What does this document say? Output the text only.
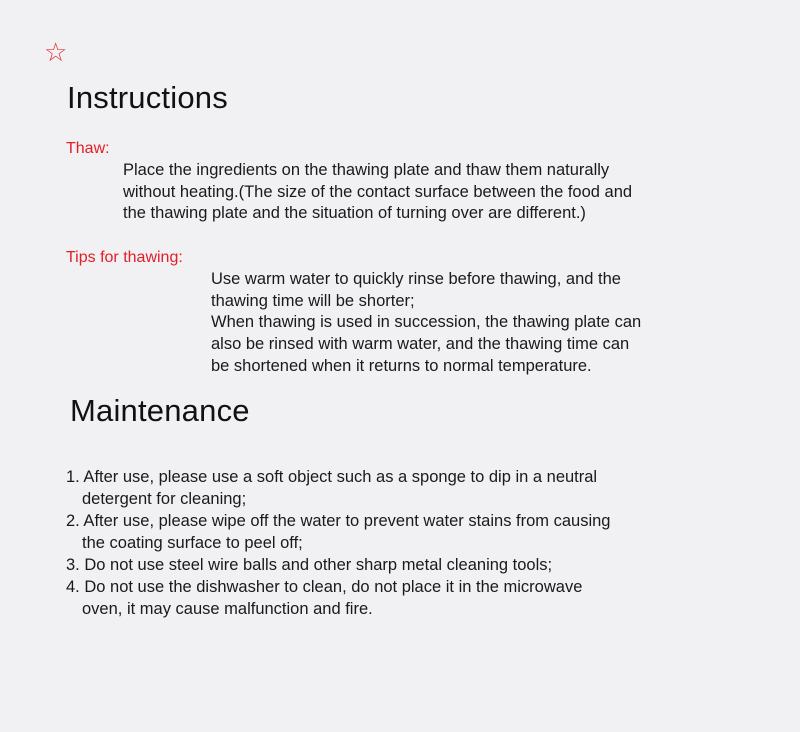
☆
Instructions
Thaw:
Place the ingredients on the thawing plate and thaw them naturally
without heating.(The size of the contact surface between the food and
the thawing plate and the situation of turning over are different.)
Tips for thawing:
Use warm water to quickly rinse before thawing, and the
thawing time will be shorter;
When thawing is used in succession, the thawing plate can
also be rinsed with warm water, and the thawing time can
be shortened when it returns to normal temperature.
Maintenance
1. After use, please use a soft object such as a sponge to dip in a neutral
detergent for cleaning;
2. After use, please wipe off the water to prevent water stains from causing
the coating surface to peel off;
3. Do not use steel wire balls and other sharp metal cleaning tools;
4. Do not use the dishwasher to clean, do not place it in the microwave
oven, it may cause malfunction and fire.
